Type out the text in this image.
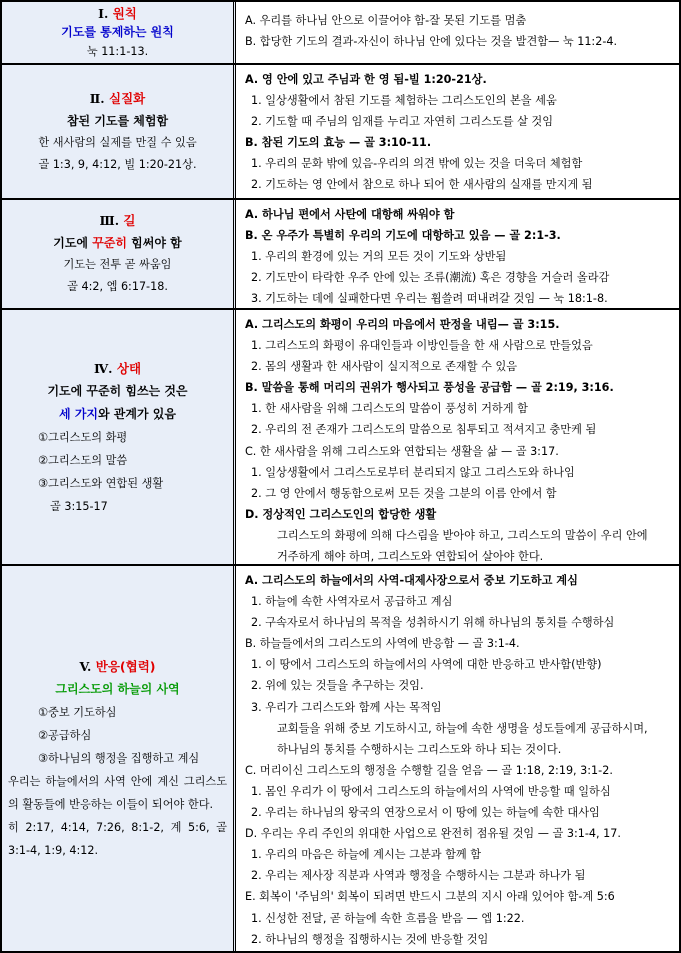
I. 원칙
기도를 통제하는 원칙
눅 11:1-13.
A. 우리를 하나님 안으로 이끌어야 함-잘 못된 기도를 멈춤
B. 합당한 기도의 결과-자신이 하나님 안에 있다는 것을 발견함— 눅 11:2-4.
Ⅱ. 실질화
참된 기도를 체험함
한 새사람의 실제를 만질 수 있음
골 1:3, 9, 4:12, 빌 1:20-21상.
A. 영 안에 있고 주님과 한 영 됨-빌 1:20-21상.
1. 일상생활에서 참된 기도를 체험하는 그리스도인의 본을 세움
2. 기도할 때 주님의 임재를 누리고 자연히 그리스도를 살 것임
B. 참된 기도의 효능 — 골 3:10-11.
1. 우리의 문화 밖에 있음-우리의 의견 밖에 있는 것을 더욱더 체험함
2. 기도하는 영 안에서 참으로 하나 되어 한 새사람의 실재를 만지게 됨
Ⅲ. 길
기도에 꾸준히 힘써야 함
기도는 전투 곧 싸움임
골 4:2, 엡 6:17-18.
A. 하나님 편에서 사탄에 대항해 싸워야 함
B. 온 우주가 특별히 우리의 기도에 대항하고 있음 — 골 2:1-3.
1. 우리의 환경에 있는 거의 모든 것이 기도와 상반됨
2. 기도만이 타락한 우주 안에 있는 조류(潮流) 혹은 경향을 거슬러 올라감
3. 기도하는 데에 실패한다면 우리는 휩쓸려 떠내려갈 것임 — 눅 18:1-8.
Ⅳ. 상태
기도에 꾸준히 힘쓰는 것은
세 가지와 관계가 있음
①그리스도의 화평
②그리스도의 말씀
③그리스도와 연합된 생활
골 3:15-17
A. 그리스도의 화평이 우리의 마음에서 판정을 내림— 골 3:15.
1. 그리스도의 화평이 유대인들과 이방인들을 한 새 사람으로 만들었음
2. 몸의 생활과 한 새사람이 실지적으로 존재할 수 있음
B. 말씀을 통해 머리의 권위가 행사되고 풍성을 공급함 — 골 2:19, 3:16.
1. 한 새사람을 위해 그리스도의 말씀이 풍성히 거하게 함
2. 우리의 전 존재가 그리스도의 말씀으로 침투되고 적셔지고 충만케 됨
C. 한 새사람을 위해 그리스도와 연합되는 생활을 삶 — 골 3:17.
1. 일상생활에서 그리스도로부터 분리되지 않고 그리스도와 하나임
2. 그 영 안에서 행동함으로써 모든 것을 그분의 이름 안에서 함
D. 정상적인 그리스도인의 합당한 생활
그리스도의 화평에 의해 다스림을 받아야 하고, 그리스도의 말씀이 우리 안에
거주하게 해야 하며, 그리스도와 연합되어 살아야 한다.
V. 반응(협력)
그리스도의 하늘의 사역
①중보 기도하심
②공급하심
③하나님의 행정을 집행하고 계심
우리는 하늘에서의 사역 안에 계신 그리스도의 활동들에 반응하는 이들이 되어야 한다.
히 2:17, 4:14, 7:26, 8:1-2, 계 5:6, 골 3:1-4, 1:9, 4:12.
A. 그리스도의 하늘에서의 사역-대제사장으로서 중보 기도하고 계심
1. 하늘에 속한 사역자로서 공급하고 계심
2. 구속자로서 하나님의 목적을 성취하시기 위해 하나님의 통치를 수행하심
B. 하늘들에서의 그리스도의 사역에 반응함 — 골 3:1-4.
1. 이 땅에서 그리스도의 하늘에서의 사역에 대한 반응하고 반사함(반향)
2. 위에 있는 것들을 추구하는 것임.
3. 우리가 그리스도와 함께 사는 목적임
교회들을 위해 중보 기도하시고, 하늘에 속한 생명을 성도들에게 공급하시며,
하나님의 통치를 수행하시는 그리스도와 하나 되는 것이다.
C. 머리이신 그리스도의 행정을 수행할 길을 얻음 — 골 1:18, 2:19, 3:1-2.
1. 몸인 우리가 이 땅에서 그리스도의 하늘에서의 사역에 반응할 때 일하심
2. 우리는 하나님의 왕국의 연장으로서 이 땅에 있는 하늘에 속한 대사임
D. 우리는 우리 주인의 위대한 사업으로 완전히 점유될 것임 — 골 3:1-4, 17.
1. 우리의 마음은 하늘에 계시는 그분과 함께 함
2. 우리는 제사장 직분과 사역과 행정을 수행하시는 그분과 하나가 됨
E. 회복이 '주님의' 회복이 되려면 반드시 그분의 지시 아래 있어야 함-계 5:6
1. 신성한 전달, 곧 하늘에 속한 흐름을 받음 — 엡 1:22.
2. 하나님의 행정을 집행하시는 것에 반응할 것임
